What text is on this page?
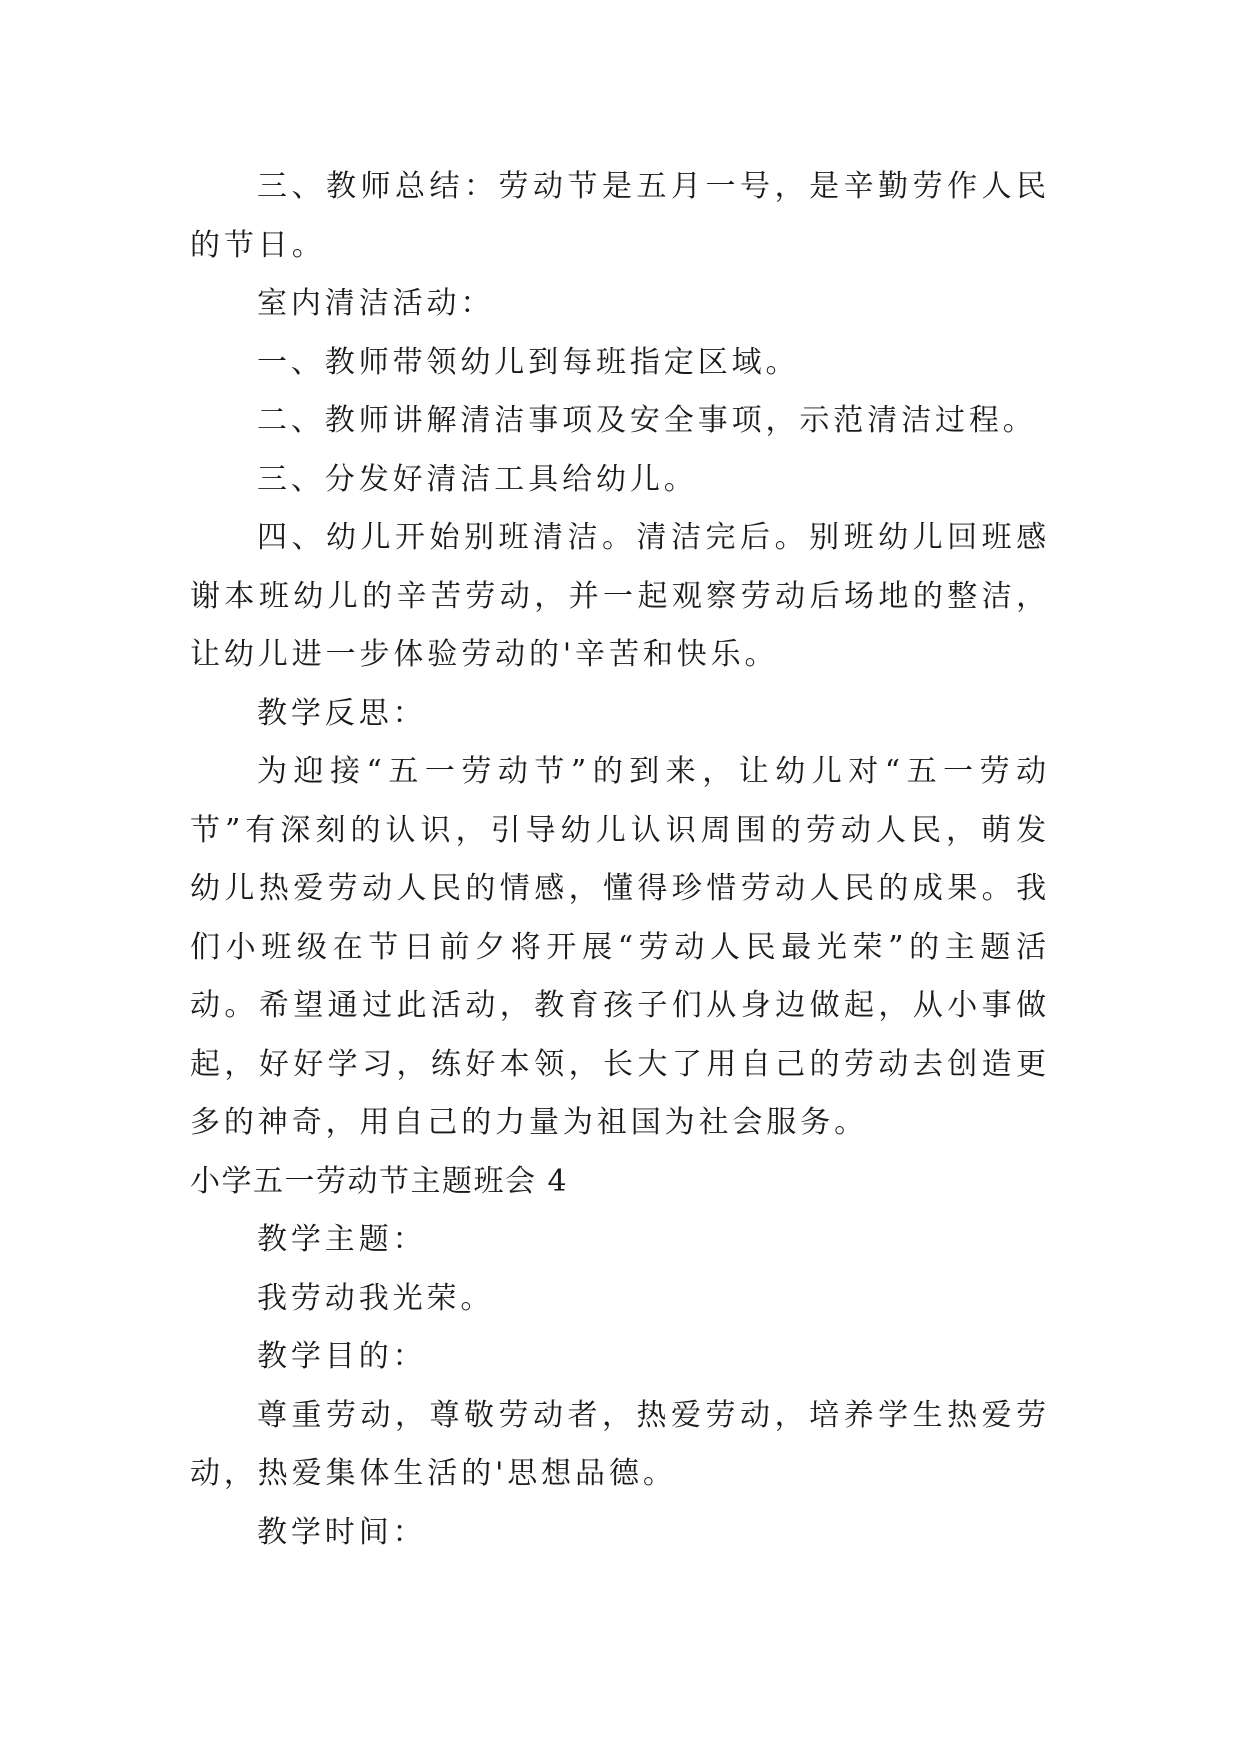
三、教师总结：劳动节是五月一号，是辛勤劳作人民的节日。

室内清洁活动：

一、教师带领幼儿到每班指定区域。

二、教师讲解清洁事项及安全事项，示范清洁过程。

三、分发好清洁工具给幼儿。

四、幼儿开始别班清洁。清洁完后。别班幼儿回班感谢本班幼儿的辛苦劳动，并一起观察劳动后场地的整洁，让幼儿进一步体验劳动的'辛苦和快乐。

教学反思：

为迎接“五一劳动节”的到来，让幼儿对“五一劳动节”有深刻的认识，引导幼儿认识周围的劳动人民，萌发幼儿热爱劳动人民的情感，懂得珍惜劳动人民的成果。我们小班级在节日前夕将开展“劳动人民最光荣”的主题活动。希望通过此活动，教育孩子们从身边做起，从小事做起，好好学习，练好本领，长大了用自己的劳动去创造更多的神奇，用自己的力量为祖国为社会服务。

小学五一劳动节主题班会 4

教学主题：

我劳动我光荣。

教学目的：

尊重劳动，尊敬劳动者，热爱劳动，培养学生热爱劳动，热爱集体生活的'思想品德。

教学时间：
